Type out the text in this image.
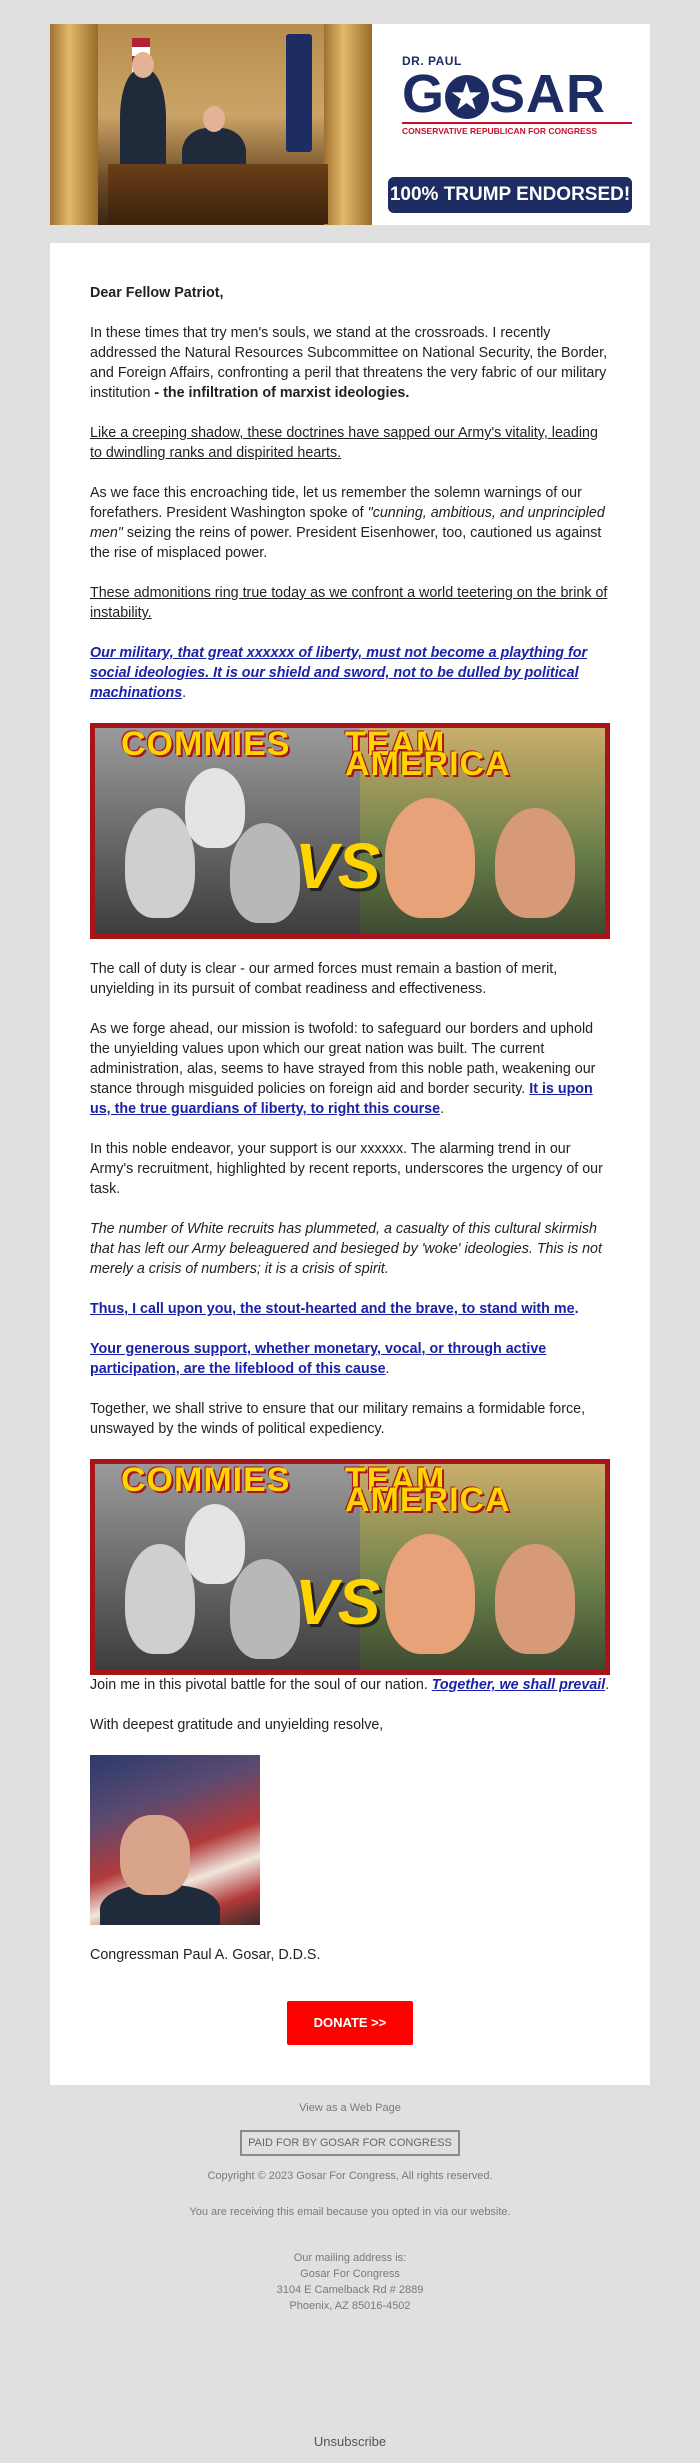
DR. PAUL
G ★ SAR
CONSERVATIVE REPUBLICAN FOR CONGRESS
100% TRUMP ENDORSED!

Dear Fellow Patriot,

In these times that try men's souls, we stand at the crossroads. I recently addressed the Natural Resources Subcommittee on National Security, the Border, and Foreign Affairs, confronting a peril that threatens the very fabric of our military institution - the infiltration of marxist ideologies.

Like a creeping shadow, these doctrines have sapped our Army's vitality, leading to dwindling ranks and dispirited hearts.

As we face this encroaching tide, let us remember the solemn warnings of our forefathers. President Washington spoke of "cunning, ambitious, and unprincipled men" seizing the reins of power. President Eisenhower, too, cautioned us against the rise of misplaced power.

These admonitions ring true today as we confront a world teetering on the brink of instability.

Our military, that great xxxxxx of liberty, must not become a plaything for social ideologies. It is our shield and sword, not to be dulled by political machinations.

COMMIES TEAM AMERICA
VS

The call of duty is clear - our armed forces must remain a bastion of merit, unyielding in its pursuit of combat readiness and effectiveness.

As we forge ahead, our mission is twofold: to safeguard our borders and uphold the unyielding values upon which our great nation was built. The current administration, alas, seems to have strayed from this noble path, weakening our stance through misguided policies on foreign aid and border security. It is upon us, the true guardians of liberty, to right this course.

In this noble endeavor, your support is our xxxxxx. The alarming trend in our Army's recruitment, highlighted by recent reports, underscores the urgency of our task.

The number of White recruits has plummeted, a casualty of this cultural skirmish that has left our Army beleaguered and besieged by 'woke' ideologies. This is not merely a crisis of numbers; it is a crisis of spirit.

Thus, I call upon you, the stout-hearted and the brave, to stand with me.

Your generous support, whether monetary, vocal, or through active participation, are the lifeblood of this cause.

Together, we shall strive to ensure that our military remains a formidable force, unswayed by the winds of political expediency.

COMMIES TEAM AMERICA
VS

Join me in this pivotal battle for the soul of our nation. Together, we shall prevail.

With deepest gratitude and unyielding resolve,

Congressman Paul A. Gosar, D.D.S.

DONATE >>
View as a Web Page
PAID FOR BY GOSAR FOR CONGRESS
Copyright © 2023 Gosar For Congress, All rights reserved.
You are receiving this email because you opted in via our website.
Our mailing address is:
Gosar For Congress
3104 E Camelback Rd # 2889
Phoenix, AZ 85016-4502
Unsubscribe
